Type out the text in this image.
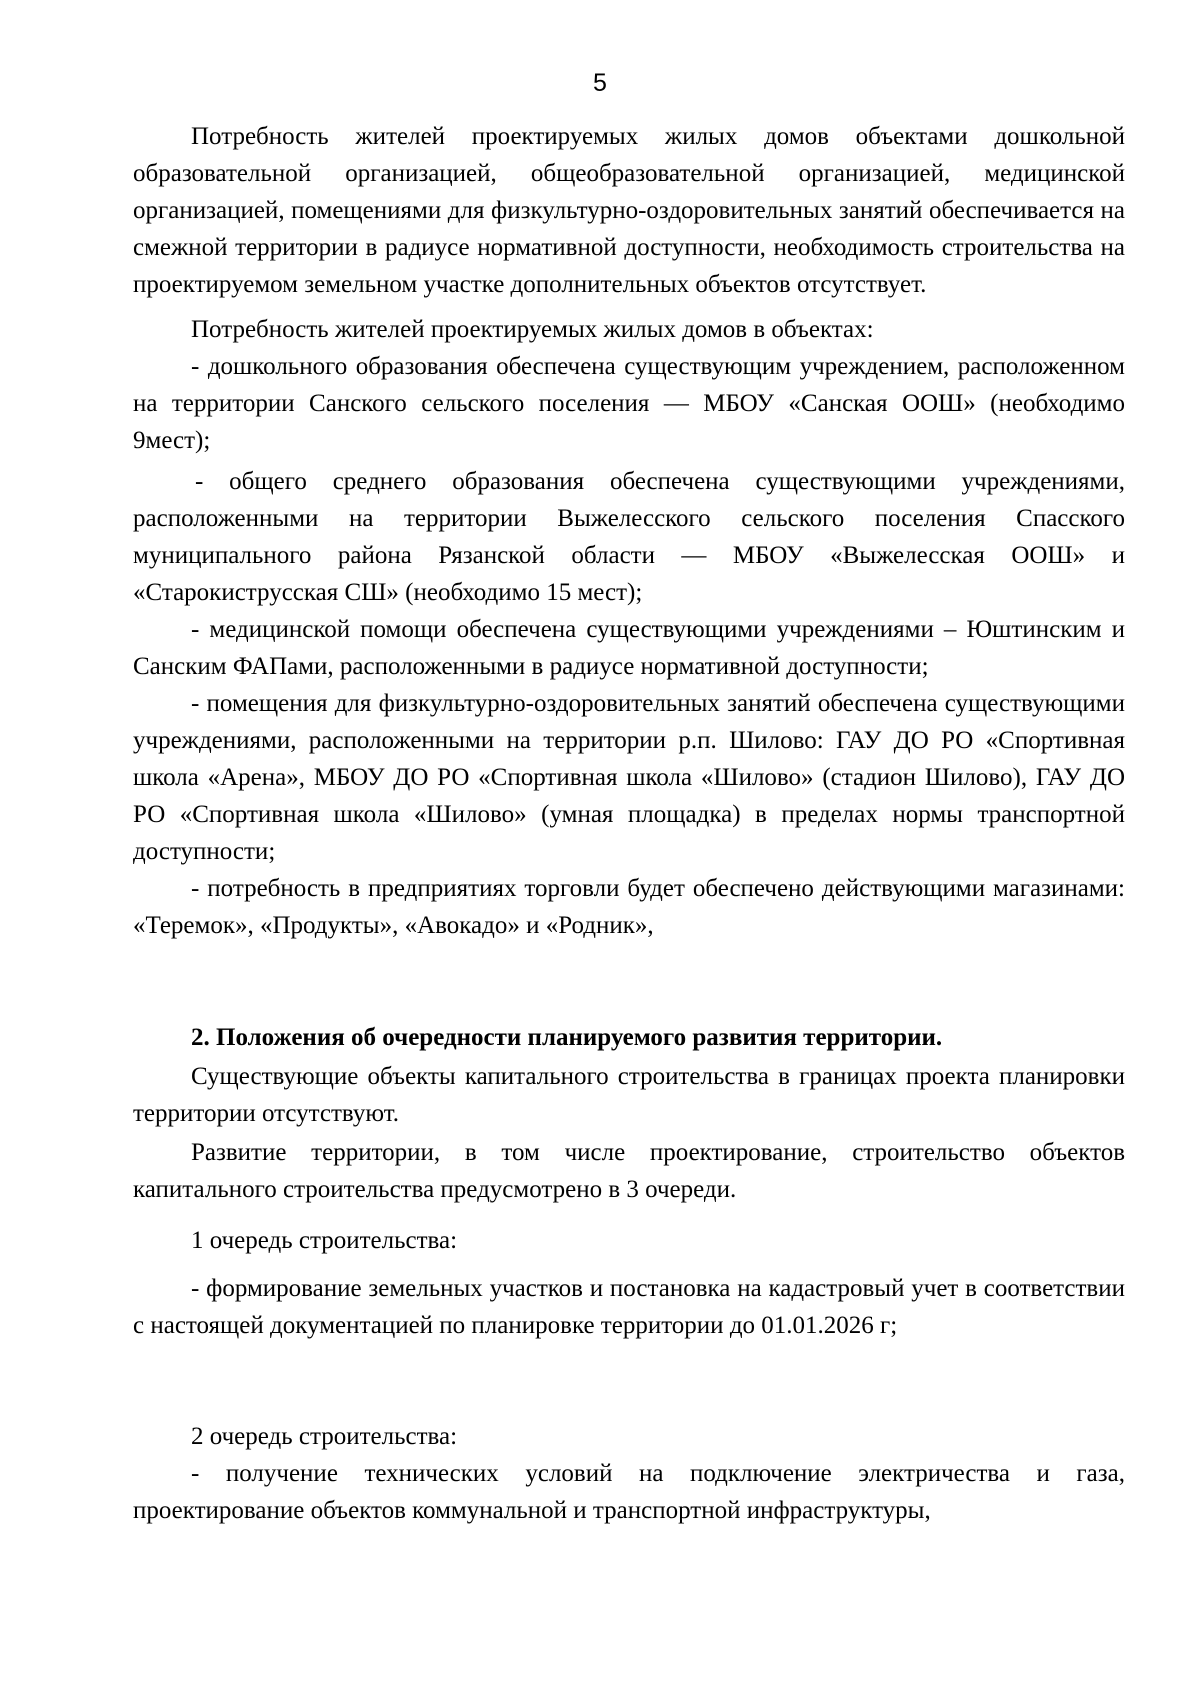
5

Потребность жителей проектируемых жилых домов объектами дошкольной образовательной организацией, общеобразовательной организацией, медицинской организацией, помещениями для физкультурно-оздоровительных занятий обеспечивается на смежной территории в радиусе нормативной доступности, необходимость строительства на проектируемом земельном участке дополнительных объектов отсутствует.

Потребность жителей проектируемых жилых домов в объектах:

- дошкольного образования обеспечена существующим учреждением, расположенном на территории Санского сельского поселения — МБОУ «Санская ООШ» (необходимо 9мест);

- общего среднего образования обеспечена существующими учреждениями, расположенными на территории Выжелесского сельского поселения Спасского муниципального района Рязанской области — МБОУ «Выжелесская ООШ» и «Старокиструсская СШ» (необходимо 15 мест);

- медицинской помощи обеспечена существующими учреждениями – Юштинским и Санским ФАПами, расположенными в радиусе нормативной доступности;

- помещения для физкультурно-оздоровительных занятий обеспечена существующими учреждениями, расположенными на территории р.п. Шилово: ГАУ ДО РО «Спортивная школа «Арена», МБОУ ДО РО «Спортивная школа «Шилово» (стадион Шилово), ГАУ ДО РО «Спортивная школа «Шилово» (умная площадка) в пределах нормы транспортной доступности;

- потребность в предприятиях торговли будет обеспечено действующими магазинами: «Теремок», «Продукты», «Авокадо» и «Родник»,

2. Положения об очередности планируемого развития территории.

Существующие объекты капитального строительства в границах проекта планировки территории отсутствуют.

Развитие территории, в том числе проектирование, строительство объектов капитального строительства предусмотрено в 3 очереди.

1 очередь строительства:

- формирование земельных участков и постановка на кадастровый учет в соответствии с настоящей документацией по планировке территории до 01.01.2026 г;

2 очередь строительства:

- получение технических условий на подключение электричества и газа, проектирование объектов коммунальной и транспортной инфраструктуры,
